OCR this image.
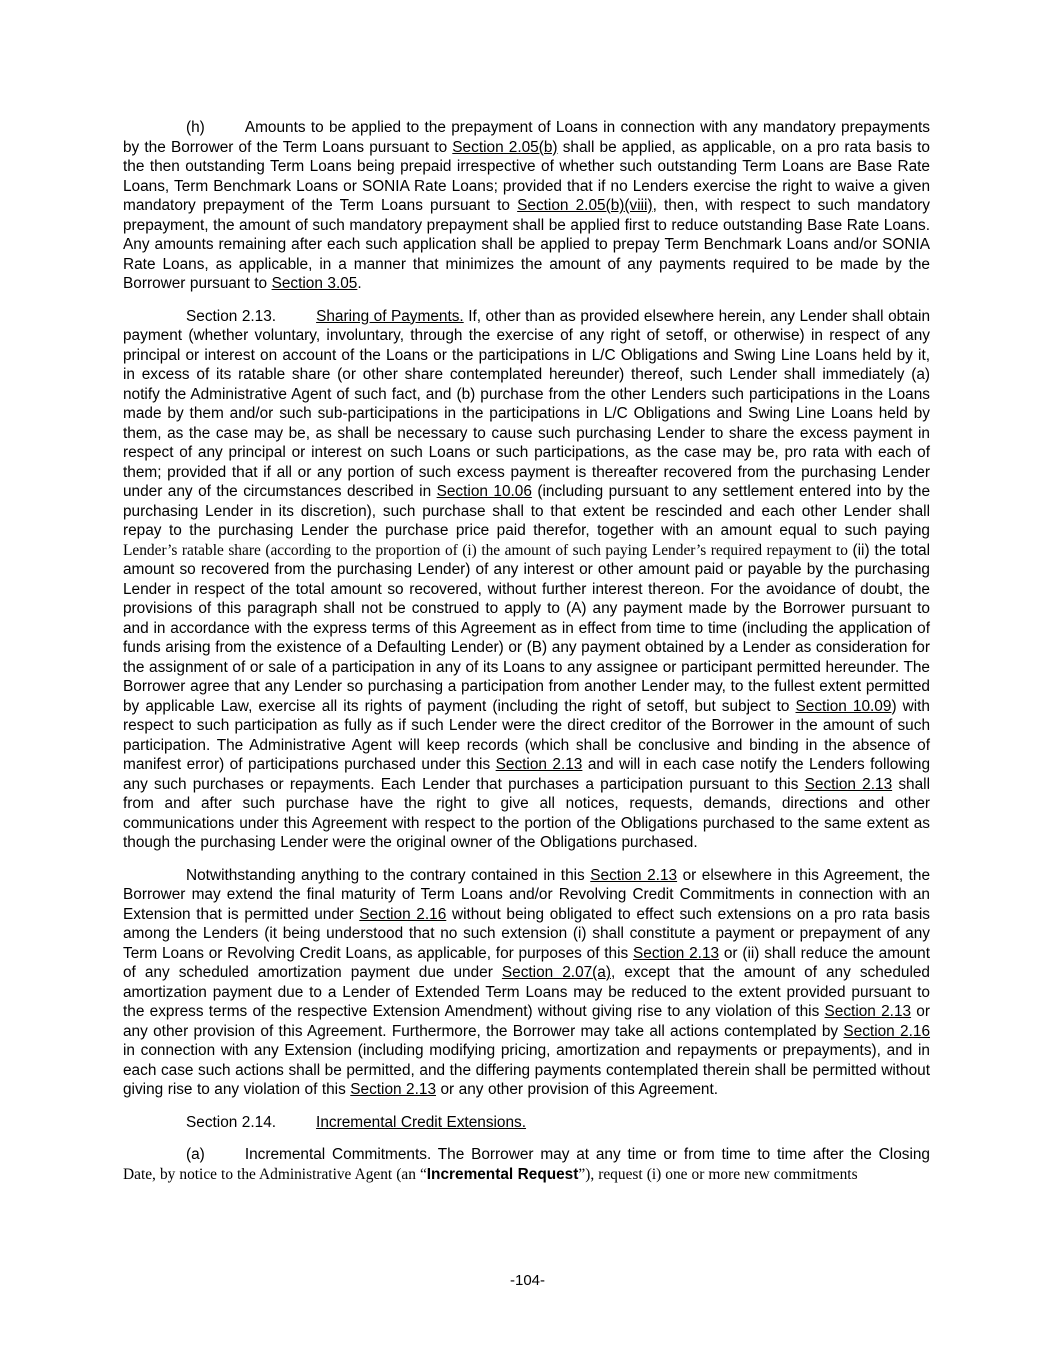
(h)	Amounts to be applied to the prepayment of Loans in connection with any mandatory prepayments by the Borrower of the Term Loans pursuant to Section 2.05(b) shall be applied, as applicable, on a pro rata basis to the then outstanding Term Loans being prepaid irrespective of whether such outstanding Term Loans are Base Rate Loans, Term Benchmark Loans or SONIA Rate Loans; provided that if no Lenders exercise the right to waive a given mandatory prepayment of the Term Loans pursuant to Section 2.05(b)(viii), then, with respect to such mandatory prepayment, the amount of such mandatory prepayment shall be applied first to reduce outstanding Base Rate Loans. Any amounts remaining after each such application shall be applied to prepay Term Benchmark Loans and/or SONIA Rate Loans, as applicable, in a manner that minimizes the amount of any payments required to be made by the Borrower pursuant to Section 3.05.

Section 2.13.	Sharing of Payments. If, other than as provided elsewhere herein, any Lender shall obtain payment (whether voluntary, involuntary, through the exercise of any right of setoff, or otherwise) in respect of any principal or interest on account of the Loans or the participations in L/C Obligations and Swing Line Loans held by it, in excess of its ratable share (or other share contemplated hereunder) thereof, such Lender shall immediately (a) notify the Administrative Agent of such fact, and (b) purchase from the other Lenders such participations in the Loans made by them and/or such sub-participations in the participations in L/C Obligations and Swing Line Loans held by them, as the case may be, as shall be necessary to cause such purchasing Lender to share the excess payment in respect of any principal or interest on such Loans or such participations, as the case may be, pro rata with each of them; provided that if all or any portion of such excess payment is thereafter recovered from the purchasing Lender under any of the circumstances described in Section 10.06 (including pursuant to any settlement entered into by the purchasing Lender in its discretion), such purchase shall to that extent be rescinded and each other Lender shall repay to the purchasing Lender the purchase price paid therefor, together with an amount equal to such paying Lender’s ratable share (according to the proportion of (i) the amount of such paying Lender’s required repayment to (ii) the total amount so recovered from the purchasing Lender) of any interest or other amount paid or payable by the purchasing Lender in respect of the total amount so recovered, without further interest thereon. For the avoidance of doubt, the provisions of this paragraph shall not be construed to apply to (A) any payment made by the Borrower pursuant to and in accordance with the express terms of this Agreement as in effect from time to time (including the application of funds arising from the existence of a Defaulting Lender) or (B) any payment obtained by a Lender as consideration for the assignment of or sale of a participation in any of its Loans to any assignee or participant permitted hereunder. The Borrower agree that any Lender so purchasing a participation from another Lender may, to the fullest extent permitted by applicable Law, exercise all its rights of payment (including the right of setoff, but subject to Section 10.09) with respect to such participation as fully as if such Lender were the direct creditor of the Borrower in the amount of such participation. The Administrative Agent will keep records (which shall be conclusive and binding in the absence of manifest error) of participations purchased under this Section 2.13 and will in each case notify the Lenders following any such purchases or repayments. Each Lender that purchases a participation pursuant to this Section 2.13 shall from and after such purchase have the right to give all notices, requests, demands, directions and other communications under this Agreement with respect to the portion of the Obligations purchased to the same extent as though the purchasing Lender were the original owner of the Obligations purchased.

Notwithstanding anything to the contrary contained in this Section 2.13 or elsewhere in this Agreement, the Borrower may extend the final maturity of Term Loans and/or Revolving Credit Commitments in connection with an Extension that is permitted under Section 2.16 without being obligated to effect such extensions on a pro rata basis among the Lenders (it being understood that no such extension (i) shall constitute a payment or prepayment of any Term Loans or Revolving Credit Loans, as applicable, for purposes of this Section 2.13 or (ii) shall reduce the amount of any scheduled amortization payment due under Section 2.07(a), except that the amount of any scheduled amortization payment due to a Lender of Extended Term Loans may be reduced to the extent provided pursuant to the express terms of the respective Extension Amendment) without giving rise to any violation of this Section 2.13 or any other provision of this Agreement. Furthermore, the Borrower may take all actions contemplated by Section 2.16 in connection with any Extension (including modifying pricing, amortization and repayments or prepayments), and in each case such actions shall be permitted, and the differing payments contemplated therein shall be permitted without giving rise to any violation of this Section 2.13 or any other provision of this Agreement.

Section 2.14.	Incremental Credit Extensions.

(a)	Incremental Commitments. The Borrower may at any time or from time to time after the Closing Date, by notice to the Administrative Agent (an “Incremental Request”), request (i) one or more new commitments

-104-
